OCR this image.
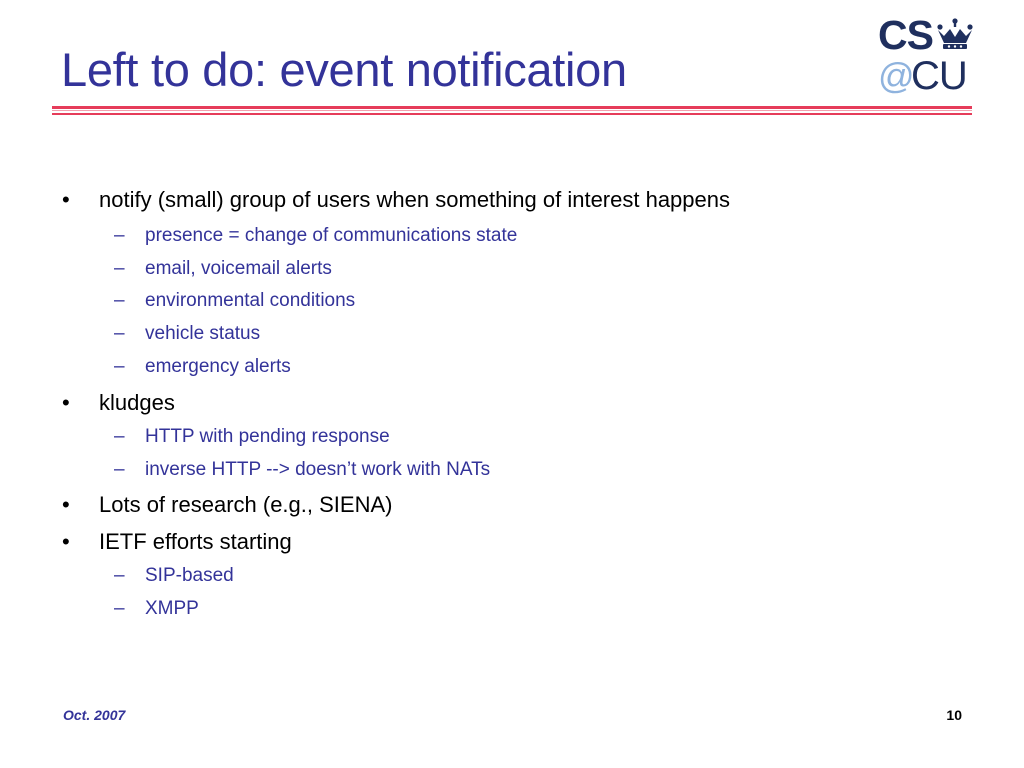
Left to do: event notification
CS
@
CU
• notify (small) group of users when something of interest happens
– presence = change of communications state
– email, voicemail alerts
– environmental conditions
– vehicle status
– emergency alerts
• kludges
– HTTP with pending response
– inverse HTTP --> doesn’t work with NATs
• Lots of research (e.g., SIENA)
• IETF efforts starting
– SIP-based
– XMPP
Oct. 2007	10
